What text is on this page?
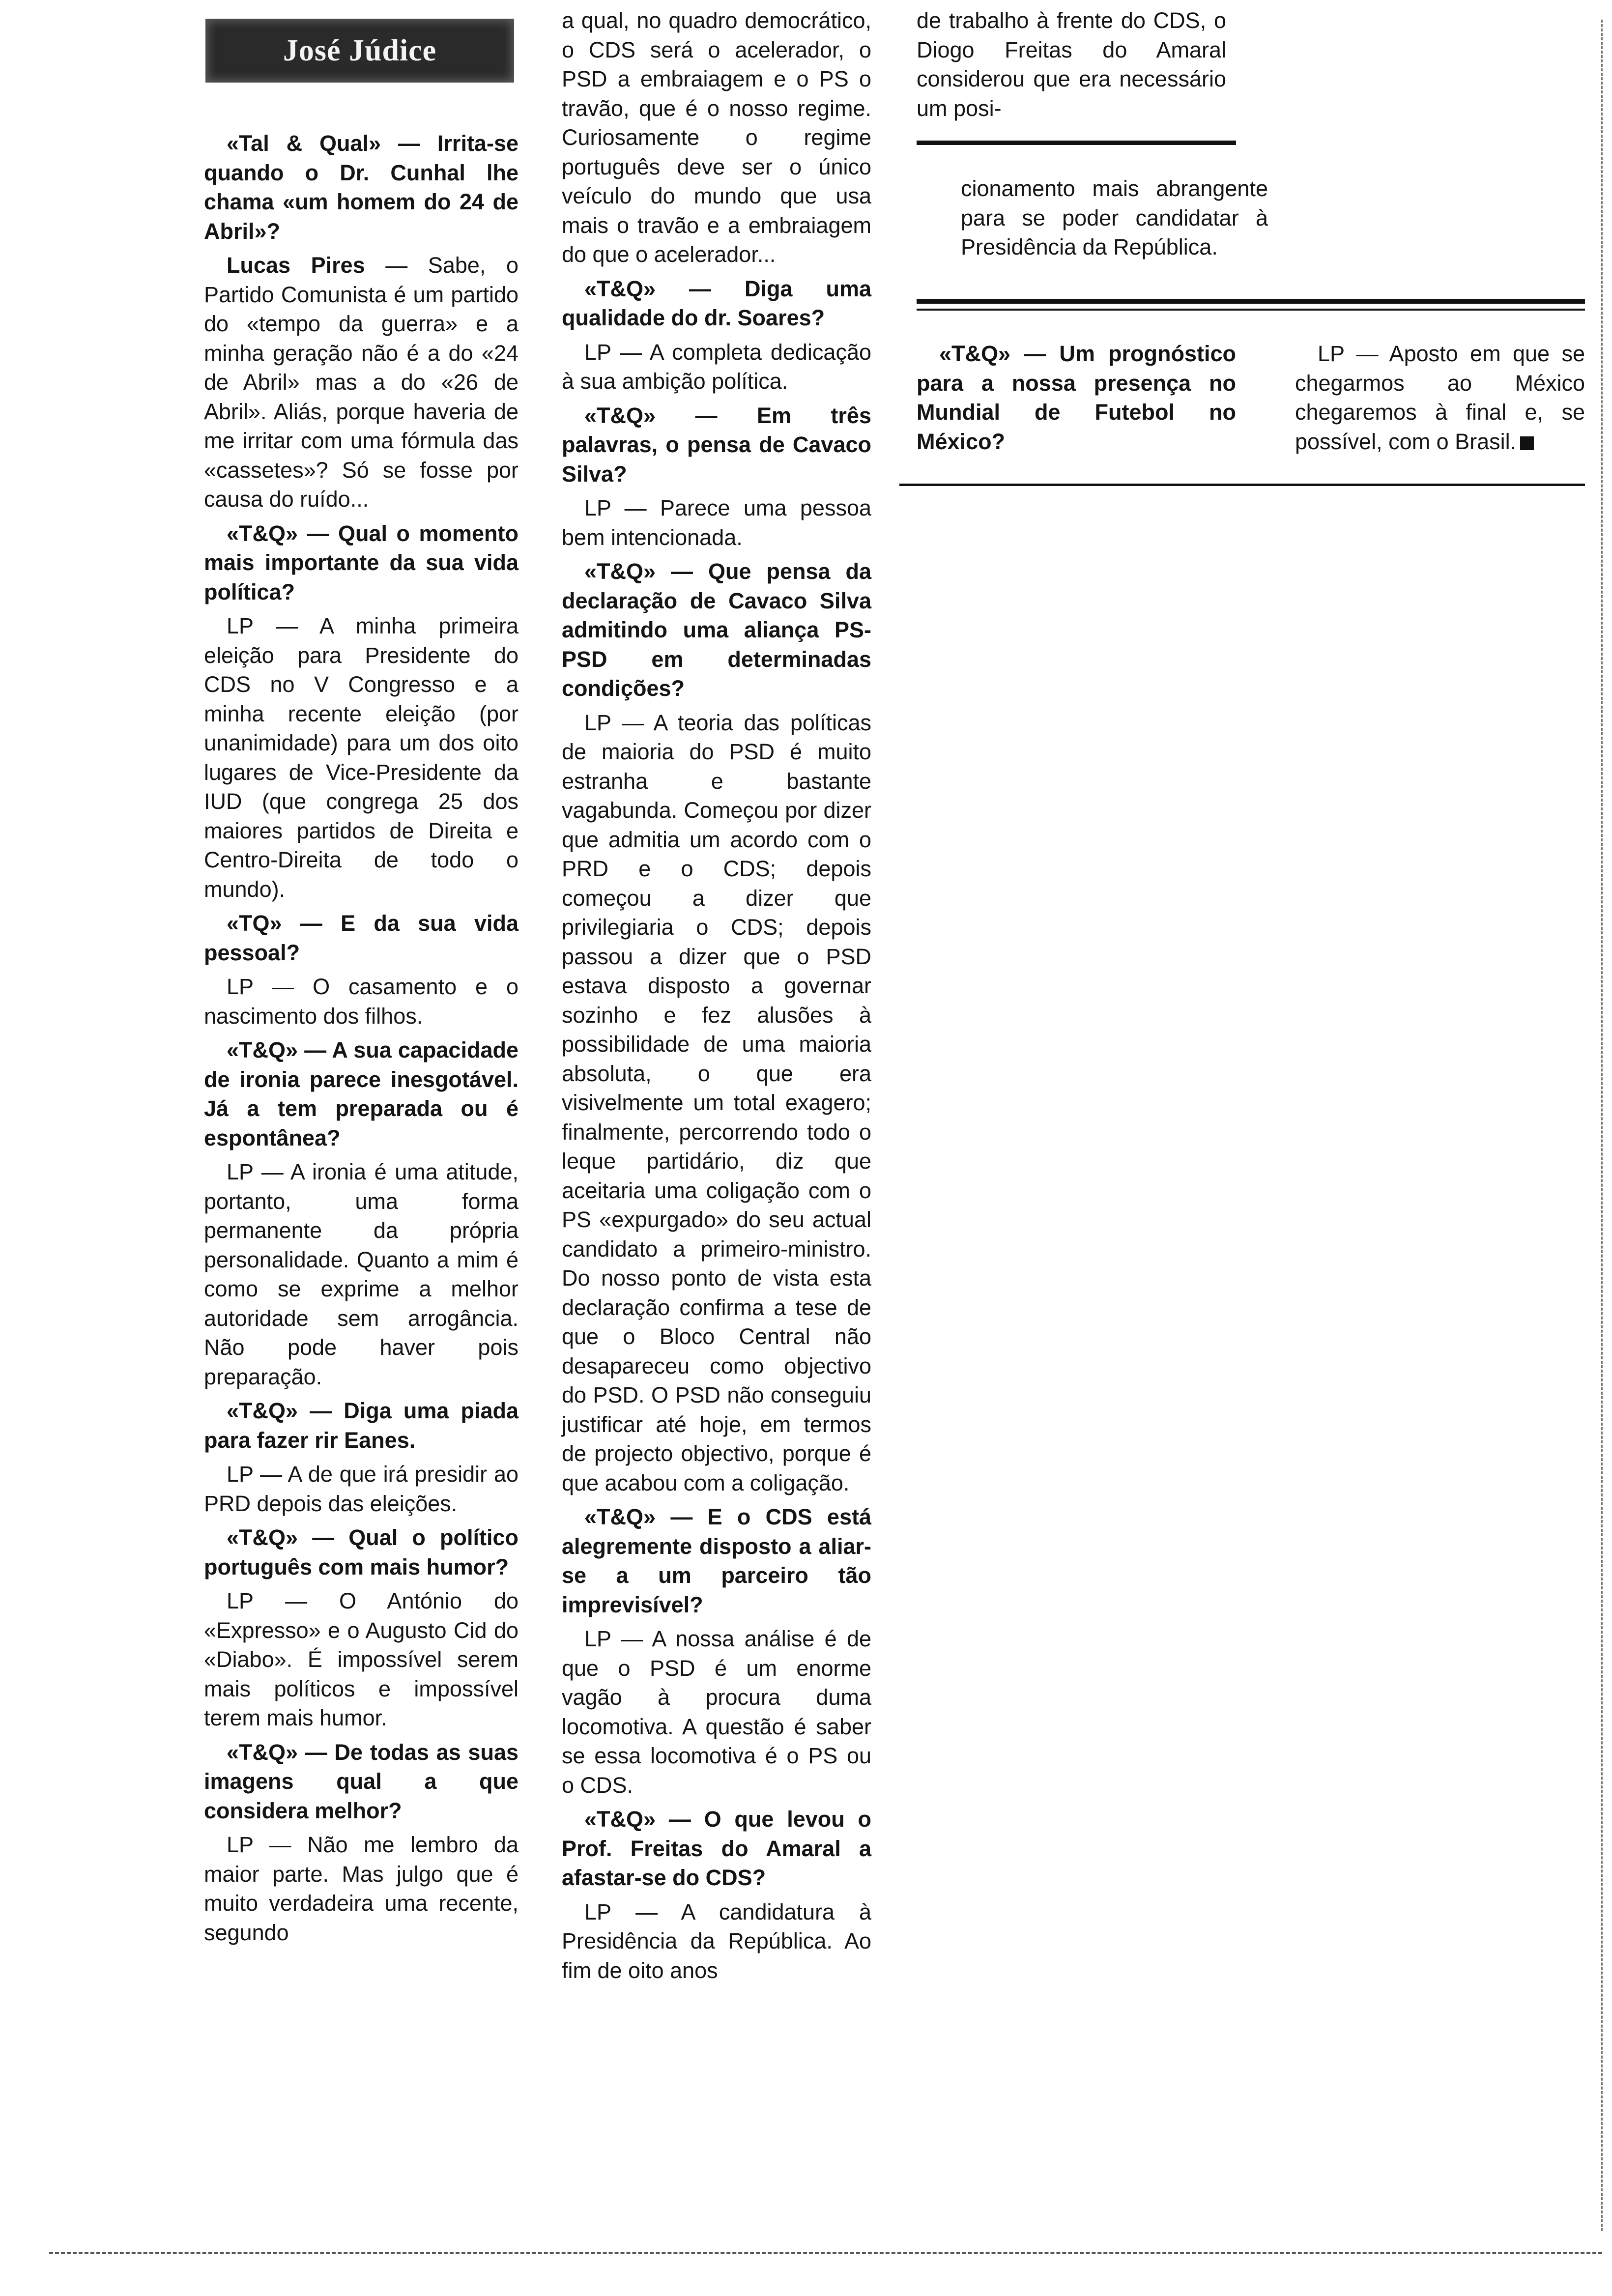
José Júdice

«Tal & Qual» — Irrita-se quando o Dr. Cunhal lhe chama «um homem do 24 de Abril»?

Lucas Pires — Sabe, o Partido Comunista é um partido do «tempo da guerra» e a minha geração não é a do «24 de Abril» mas a do «26 de Abril». Aliás, porque haveria de me irritar com uma fórmula das «cassetes»? Só se fosse por causa do ruído...

«T&Q» — Qual o momento mais importante da sua vida política?

LP — A minha primeira eleição para Presidente do CDS no V Congresso e a minha recente eleição (por unanimidade) para um dos oito lugares de Vice-Presidente da IUD (que congrega 25 dos maiores partidos de Direita e Centro-Direita de todo o mundo).

«TQ» — E da sua vida pessoal?

LP — O casamento e o nascimento dos filhos.

«T&Q» — A sua capacidade de ironia parece inesgotável. Já a tem preparada ou é espontânea?

LP — A ironia é uma atitude, portanto, uma forma permanente da própria personalidade. Quanto a mim é como se exprime a melhor autoridade sem arrogância. Não pode haver pois preparação.

«T&Q» — Diga uma piada para fazer rir Eanes.

LP — A de que irá presidir ao PRD depois das eleições.

«T&Q» — Qual o político português com mais humor?

LP — O António do «Expresso» e o Augusto Cid do «Diabo». É impossível serem mais políticos e impossível terem mais humor.

«T&Q» — De todas as suas imagens qual a que considera melhor?

LP — Não me lembro da maior parte. Mas julgo que é muito verdadeira uma recente, segundo

a qual, no quadro democrático, o CDS será o acelerador, o PSD a embraiagem e o PS o travão, que é o nosso regime. Curiosamente o regime português deve ser o único veículo do mundo que usa mais o travão e a embraiagem do que o acelerador...

«T&Q» — Diga uma qualidade do dr. Soares?

LP — A completa dedicação à sua ambição política.

«T&Q» — Em três palavras, o pensa de Cavaco Silva?

LP — Parece uma pessoa bem intencionada.

«T&Q» — Que pensa da declaração de Cavaco Silva admitindo uma aliança PS-PSD em determinadas condições?

LP — A teoria das políticas de maioria do PSD é muito estranha e bastante vagabunda. Começou por dizer que admitia um acordo com o PRD e o CDS; depois começou a dizer que privilegiaria o CDS; depois passou a dizer que o PSD estava disposto a governar sozinho e fez alusões à possibilidade de uma maioria absoluta, o que era visivelmente um total exagero; finalmente, percorrendo todo o leque partidário, diz que aceitaria uma coligação com o PS «expurgado» do seu actual candidato a primeiro-ministro. Do nosso ponto de vista esta declaração confirma a tese de que o Bloco Central não desapareceu como objectivo do PSD. O PSD não conseguiu justificar até hoje, em termos de projecto objectivo, porque é que acabou com a coligação.

«T&Q» — E o CDS está alegremente disposto a aliar-se a um parceiro tão imprevisível?

LP — A nossa análise é de que o PSD é um enorme vagão à procura duma locomotiva. A questão é saber se essa locomotiva é o PS ou o CDS.

«T&Q» — O que levou o Prof. Freitas do Amaral a afastar-se do CDS?

LP — A candidatura à Presidência da República. Ao fim de oito anos

de trabalho à frente do CDS, o Diogo Freitas do Amaral considerou que era necessário um posi-

cionamento mais abrangente para se poder candidatar à Presidência da República.

«T&Q» — Um prognóstico para a nossa presença no Mundial de Futebol no México?

LP — Aposto em que se chegarmos ao México chegaremos à final e, se possível, com o Brasil.
